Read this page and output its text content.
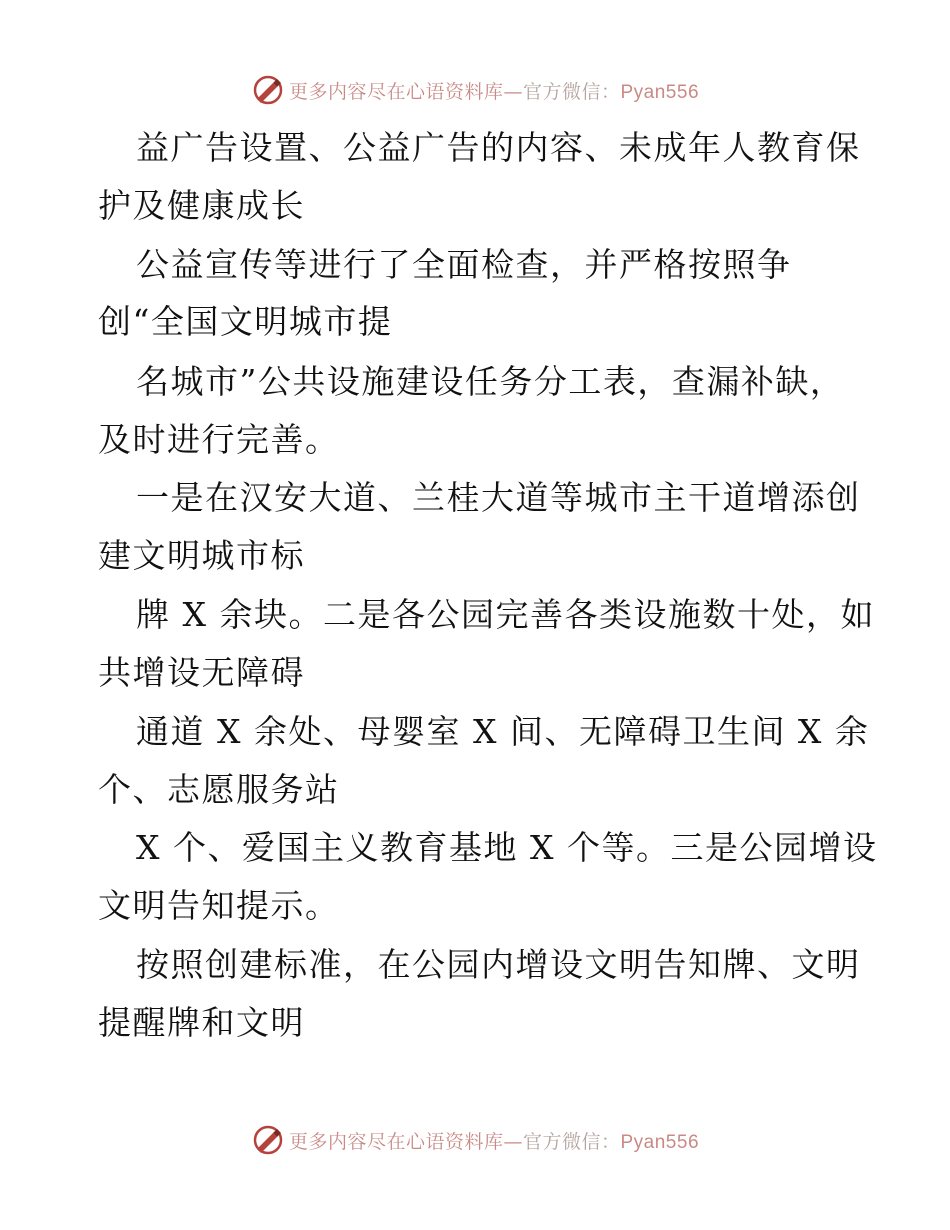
更多内容尽在心语资料库—官方微信：Pyan556
益广告设置、公益广告的内容、未成年人教育保
护及健康成长
公益宣传等进行了全面检查，并严格按照争
创“全国文明城市提
名城市”公共设施建设任务分工表，查漏补缺，
及时进行完善。
一是在汉安大道、兰桂大道等城市主干道增添创
建文明城市标
牌 X 余块。二是各公园完善各类设施数十处，如
共增设无障碍
通道 X 余处、母婴室 X 间、无障碍卫生间 X 余
个、志愿服务站
X 个、爱国主义教育基地 X 个等。三是公园增设
文明告知提示。
按照创建标准，在公园内增设文明告知牌、文明
提醒牌和文明
更多内容尽在心语资料库—官方微信：Pyan556
